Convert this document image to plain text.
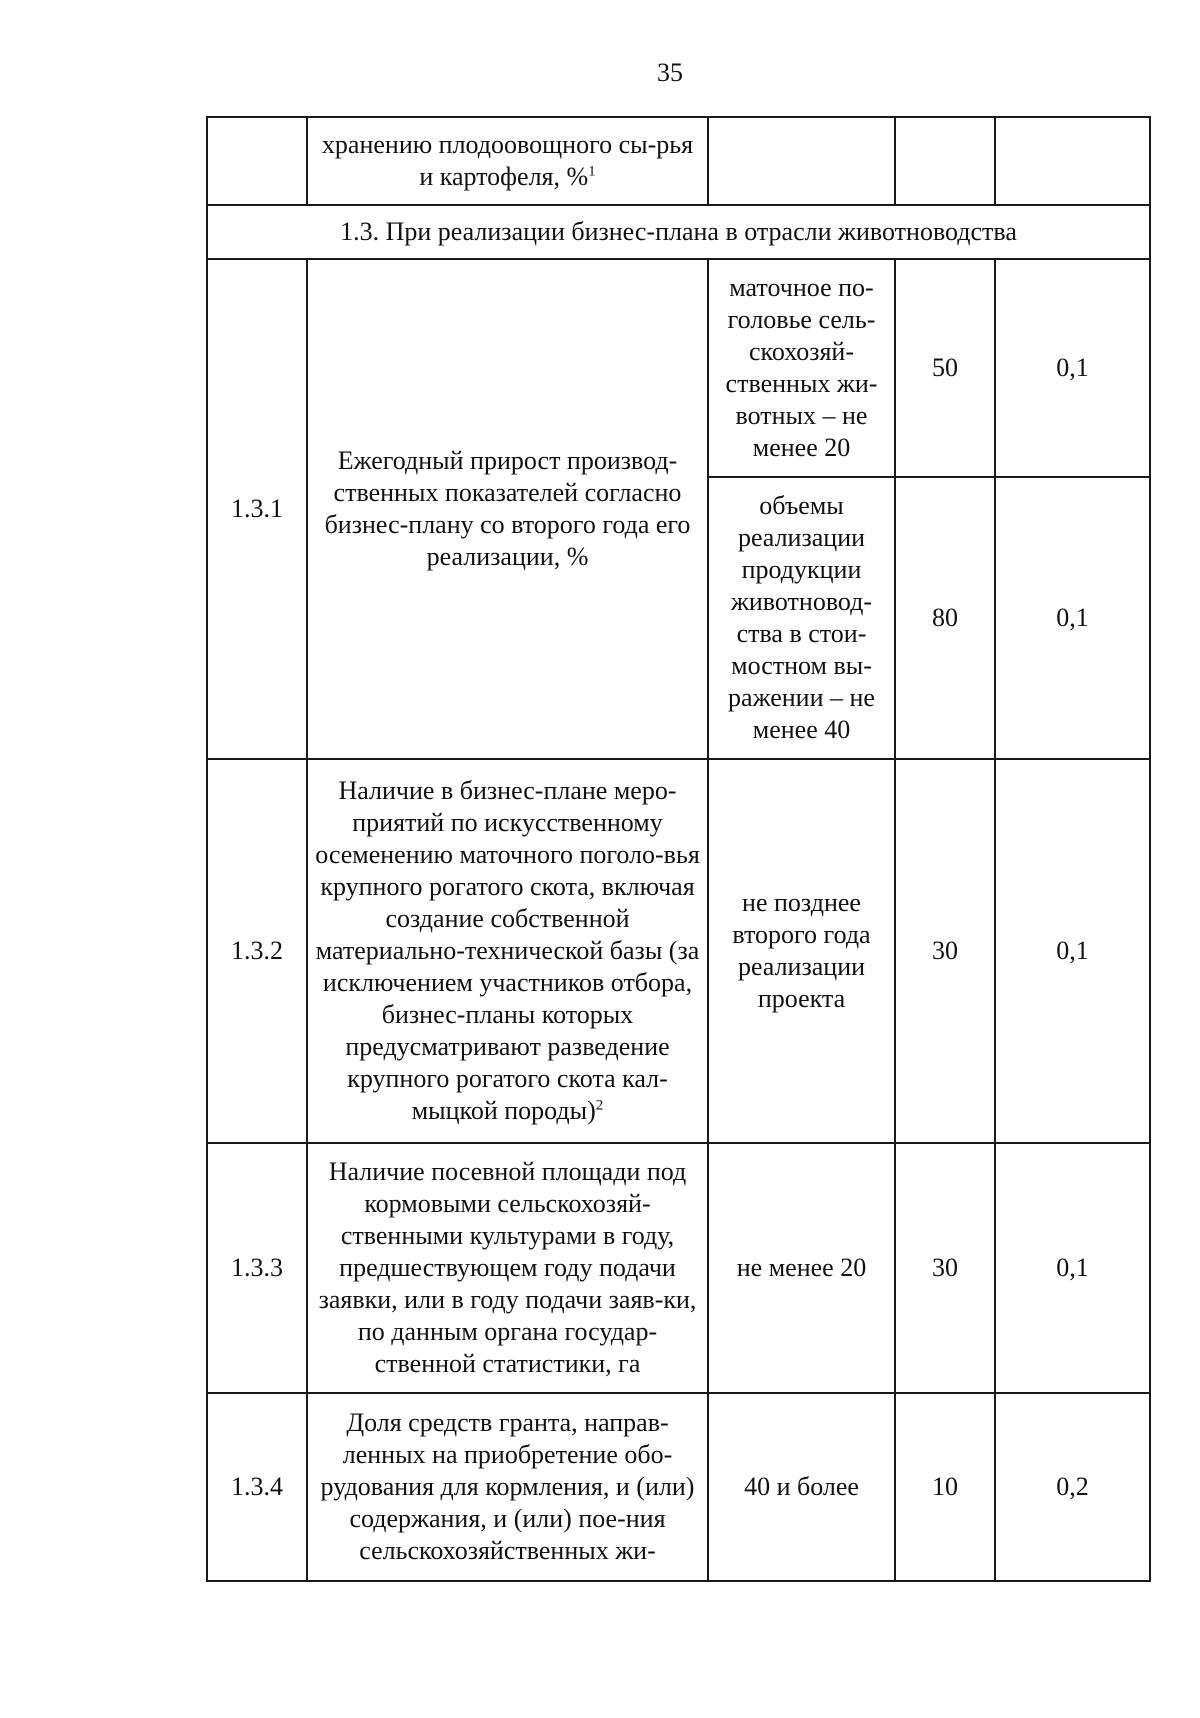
35
	хранению плодоовощного сы-рья и картофеля, %$^1$			
1.3. При реализации бизнес-плана в отрасли животноводства				
1.3.1	Ежегодный прирост производ-ственных показателей согласно бизнес-плану со второго года его реализации, %	маточное по-головье сель-скохозяй-ственных жи-вотных – не менее 20	50	0,1
		объемы реализации продукции животновод-ства в стои-мостном вы-ражении – не менее 40	80	0,1
1.3.2	Наличие в бизнес-плане меро-приятий по искусственному осеменению маточного поголо-вья крупного рогатого скота, включая создание собственной материально-технической базы (за исключением участников отбора, бизнес-планы которых предусматривают разведение крупного рогатого скота кал-мыцкой породы)$^2$	не позднее второго года реализации проекта	30	0,1
1.3.3	Наличие посевной площади под кормовыми сельскохозяй-ственными культурами в году, предшествующем году подачи заявки, или в году подачи заяв-ки, по данным органа государ-ственной статистики, га	не менее 20	30	0,1
1.3.4	Доля средств гранта, направ-ленных на приобретение обо-рудования для кормления, и (или) содержания, и (или) пое-ния сельскохозяйственных жи-	40 и более	10	0,2
